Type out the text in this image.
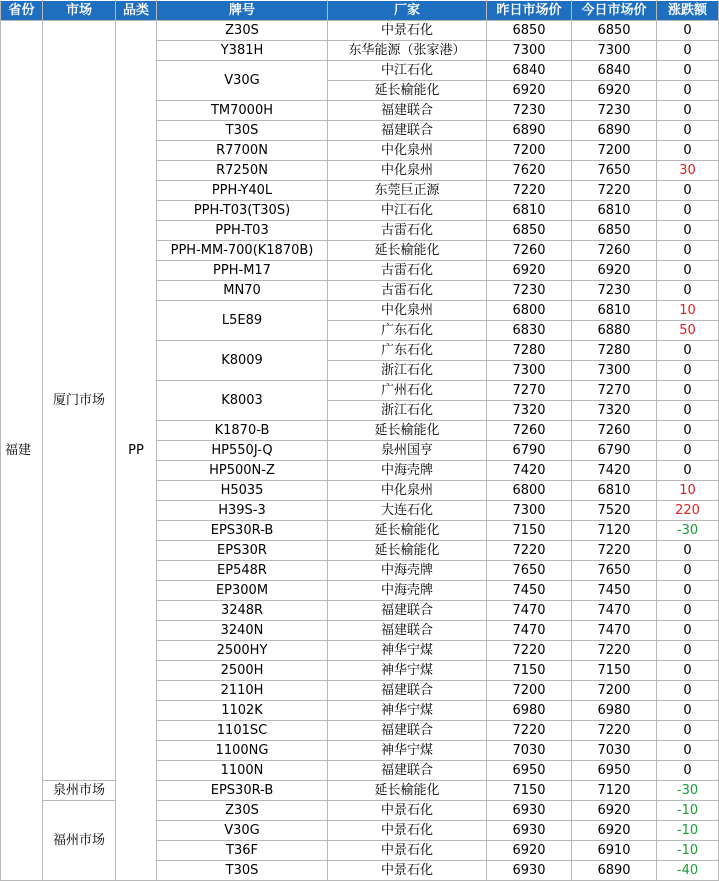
省份	市场	品类	牌号	厂家	昨日市场价	今日市场价	涨跌额
福建	厦门市场	PP	Z30S	中景石化	6850	6850	0
			Y381H	东华能源（张家港）	7300	7300	0
			V30G	中江石化	6840	6840	0
				延长榆能化	6920	6920	0
			TM7000H	福建联合	7230	7230	0
			T30S	福建联合	6890	6890	0
			R7700N	中化泉州	7200	7200	0
			R7250N	中化泉州	7620	7650	30
			PPH-Y40L	东莞巨正源	7220	7220	0
			PPH-T03(T30S)	中江石化	6810	6810	0
			PPH-T03	古雷石化	6850	6850	0
			PPH-MM-700(K1870B)	延长榆能化	7260	7260	0
			PPH-M17	古雷石化	6920	6920	0
			MN70	古雷石化	7230	7230	0
			L5E89	中化泉州	6800	6810	10
				广东石化	6830	6880	50
			K8009	广东石化	7280	7280	0
				浙江石化	7300	7300	0
			K8003	广州石化	7270	7270	0
				浙江石化	7320	7320	0
			K1870-B	延长榆能化	7260	7260	0
			HP550J-Q	泉州国亨	6790	6790	0
			HP500N-Z	中海壳牌	7420	7420	0
			H5035	中化泉州	6800	6810	10
			H39S-3	大连石化	7300	7520	220
			EPS30R-B	延长榆能化	7150	7120	-30
			EPS30R	延长榆能化	7220	7220	0
			EP548R	中海壳牌	7650	7650	0
			EP300M	中海壳牌	7450	7450	0
			3248R	福建联合	7470	7470	0
			3240N	福建联合	7470	7470	0
			2500HY	神华宁煤	7220	7220	0
			2500H	神华宁煤	7150	7150	0
			2110H	福建联合	7200	7200	0
			1102K	神华宁煤	6980	6980	0
			1101SC	福建联合	7220	7220	0
			1100NG	神华宁煤	7030	7030	0
			1100N	福建联合	6950	6950	0
	泉州市场		EPS30R-B	延长榆能化	7150	7120	-30
	福州市场		Z30S	中景石化	6930	6920	-10
			V30G	中景石化	6930	6920	-10
			T36F	中景石化	6920	6910	-10
			T30S	中景石化	6930	6890	-40
